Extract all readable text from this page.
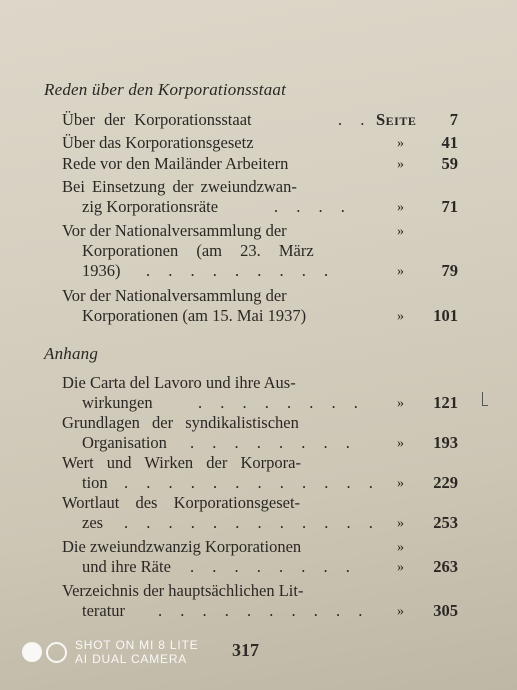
Reden über den Korporationsstaat
Über der Korporationsstaat	. . Seite 7
Über das Korporationsgesetz	» 41
Rede vor den Mailänder Arbeitern	» 59
Bei Einsetzung der zweiundzwan-
zig Korporationsräte	. . . .	» 71
Vor der Nationalversammlung der	»
Korporationen (am 23. März
1936) . . . . . . . . .	» 79
Vor der Nationalversammlung der
Korporationen (am 15. Mai 1937)	» 101
Anhang
Die Carta del Lavoro und ihre Aus-
wirkungen	. . . . . . . . » 121
Grundlagen der syndikalistischen
Organisation . . . . . . . .	» 193
Wert und Wirken der Korpora-
tion . . . . . . . . . . . . » 229
Wortlaut des Korporationsgeset-
zes . . . . . . . . . . . . » 253
Die zweiundzwanzig Korporationen	»
und ihre Räte . . . . . . . .	» 263
Verzeichnis der hauptsächlichen Lit-
teratur . . . . . . . . . . » 305
317
SHOT ON MI 8 LITE
AI DUAL CAMERA
